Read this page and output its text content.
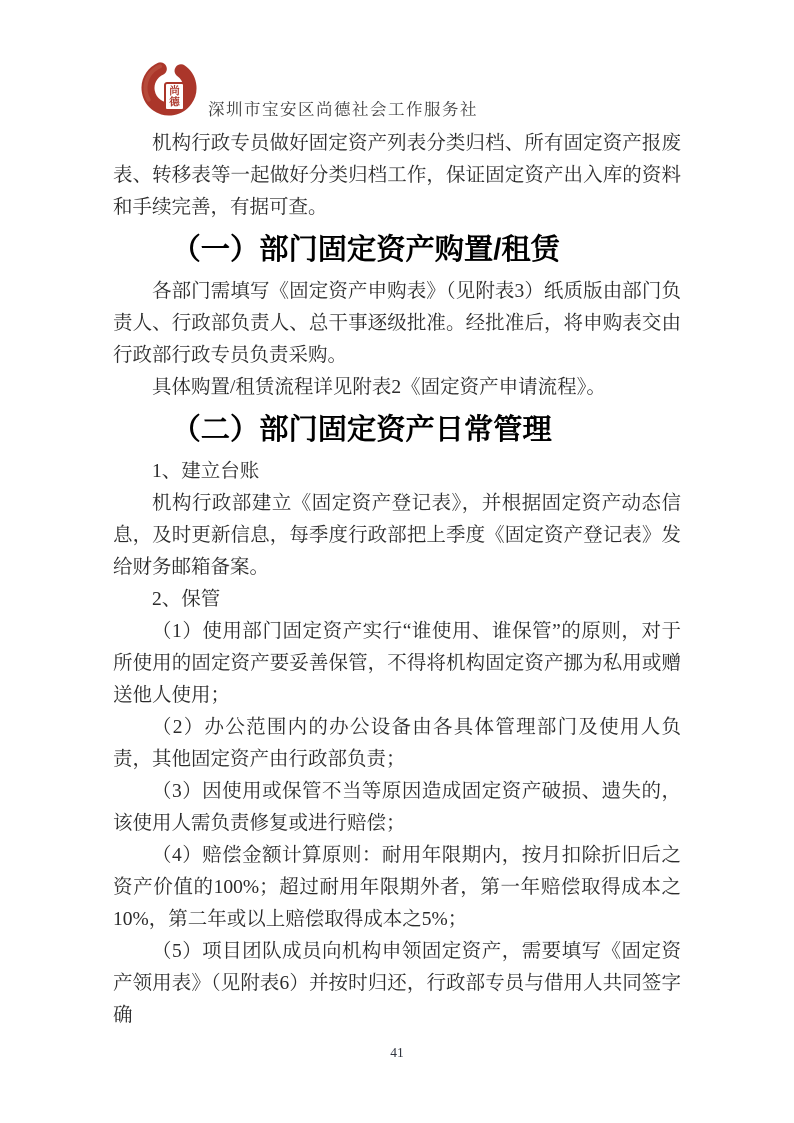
尚
德 深圳市宝安区尚德社会工作服务社

机构行政专员做好固定资产列表分类归档、所有固定资产报废表、转移表等一起做好分类归档工作，保证固定资产出入库的资料和手续完善，有据可查。

（一）部门固定资产购置/租赁

各部门需填写《固定资产申购表》（见附表3）纸质版由部门负责人、行政部负责人、总干事逐级批准。经批准后，将申购表交由行政部行政专员负责采购。

具体购置/租赁流程详见附表2《固定资产申请流程》。

（二）部门固定资产日常管理

1、建立台账

机构行政部建立《固定资产登记表》，并根据固定资产动态信息，及时更新信息，每季度行政部把上季度《固定资产登记表》发给财务邮箱备案。

2、保管

（1）使用部门固定资产实行“谁使用、谁保管”的原则，对于所使用的固定资产要妥善保管，不得将机构固定资产挪为私用或赠送他人使用；

（2）办公范围内的办公设备由各具体管理部门及使用人负责，其他固定资产由行政部负责；

（3）因使用或保管不当等原因造成固定资产破损、遗失的，该使用人需负责修复或进行赔偿；

（4）赔偿金额计算原则：耐用年限期内，按月扣除折旧后之资产价值的100%；超过耐用年限期外者，第一年赔偿取得成本之10%，第二年或以上赔偿取得成本之5%；

（5）项目团队成员向机构申领固定资产，需要填写《固定资产领用表》（见附表6）并按时归还，行政部专员与借用人共同签字确

41
